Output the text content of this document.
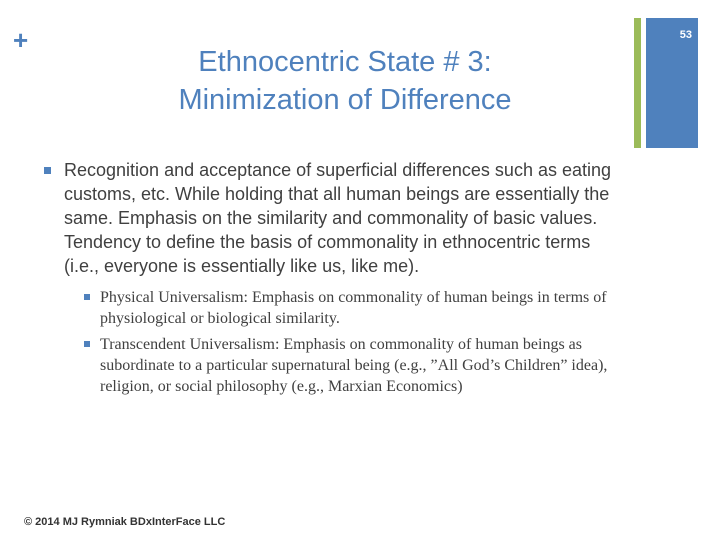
+	53
Ethnocentric State # 3:
Minimization of Difference
Recognition and acceptance of superficial differences such as eating customs, etc. While holding that all human beings are essentially the same. Emphasis on the similarity and commonality of basic values. Tendency to define the basis of commonality in ethnocentric terms (i.e., everyone is essentially like us, like me).
Physical Universalism: Emphasis on commonality of human beings in terms of physiological or biological similarity.
Transcendent Universalism: Emphasis on commonality of human beings as subordinate to a particular supernatural being (e.g., ”All God’s Children” idea), religion, or social philosophy (e.g., Marxian Economics)
© 2014 MJ Rymniak BDxInterFace LLC
